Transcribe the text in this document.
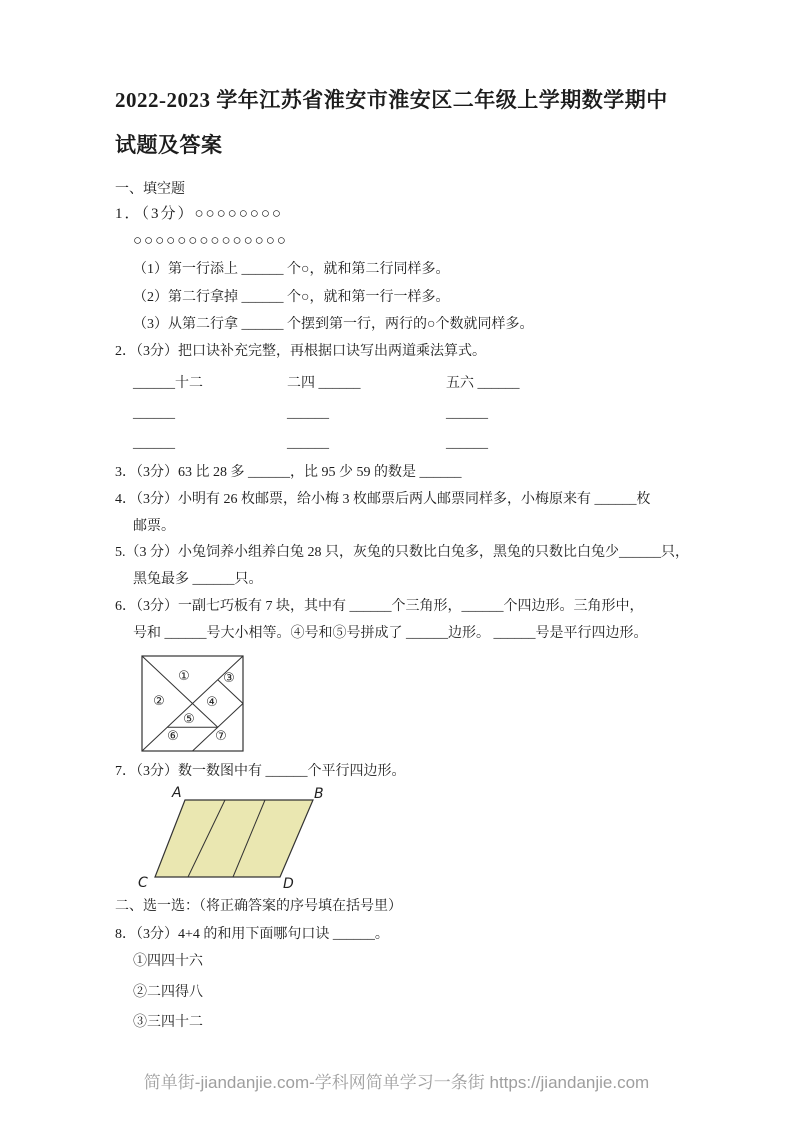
2022-2023 学年江苏省淮安市淮安区二年级上学期数学期中
试题及答案
一、填空题
1．（3分）○○○○○○○○
○○○○○○○○○○○○○○
（1）第一行添上 ______ 个○，就和第二行同样多。
（2）第二行拿掉 ______ 个○，就和第一行一样多。
（3）从第二行拿 ______ 个摆到第一行，两行的○个数就同样多。
2．（3分）把口诀补充完整，再根据口诀写出两道乘法算式。
______十二	二四 ______	五六 ______
______	______	______
______	______	______
3．（3分）63 比 28 多 ______，比 95 少 59 的数是 ______
4．（3分）小明有 26 枚邮票，给小梅 3 枚邮票后两人邮票同样多，小梅原来有 ______枚
邮票。
5.（3 分）小兔饲养小组养白兔 28 只，灰兔的只数比白兔多，黑兔的只数比白兔少______只，
黑兔最多 ______只。
6．（3分）一副七巧板有 7 块，其中有 ______个三角形，______个四边形。三角形中，
号和 ______号大小相等。④号和⑤号拼成了 ______边形。 ______号是平行四边形。
①
②
③
④
⑤
⑥	⑦
7．（3分）数一数图中有 ______个平行四边形。
A	B
C	D
二、选一选：（将正确答案的序号填在括号里）
8．（3分）4+4 的和用下面哪句口诀 ______。
①四四十六
②二四得八
③三四十二
简单街-jiandanjie.com-学科网简单学习一条街 https://jiandanjie.com
